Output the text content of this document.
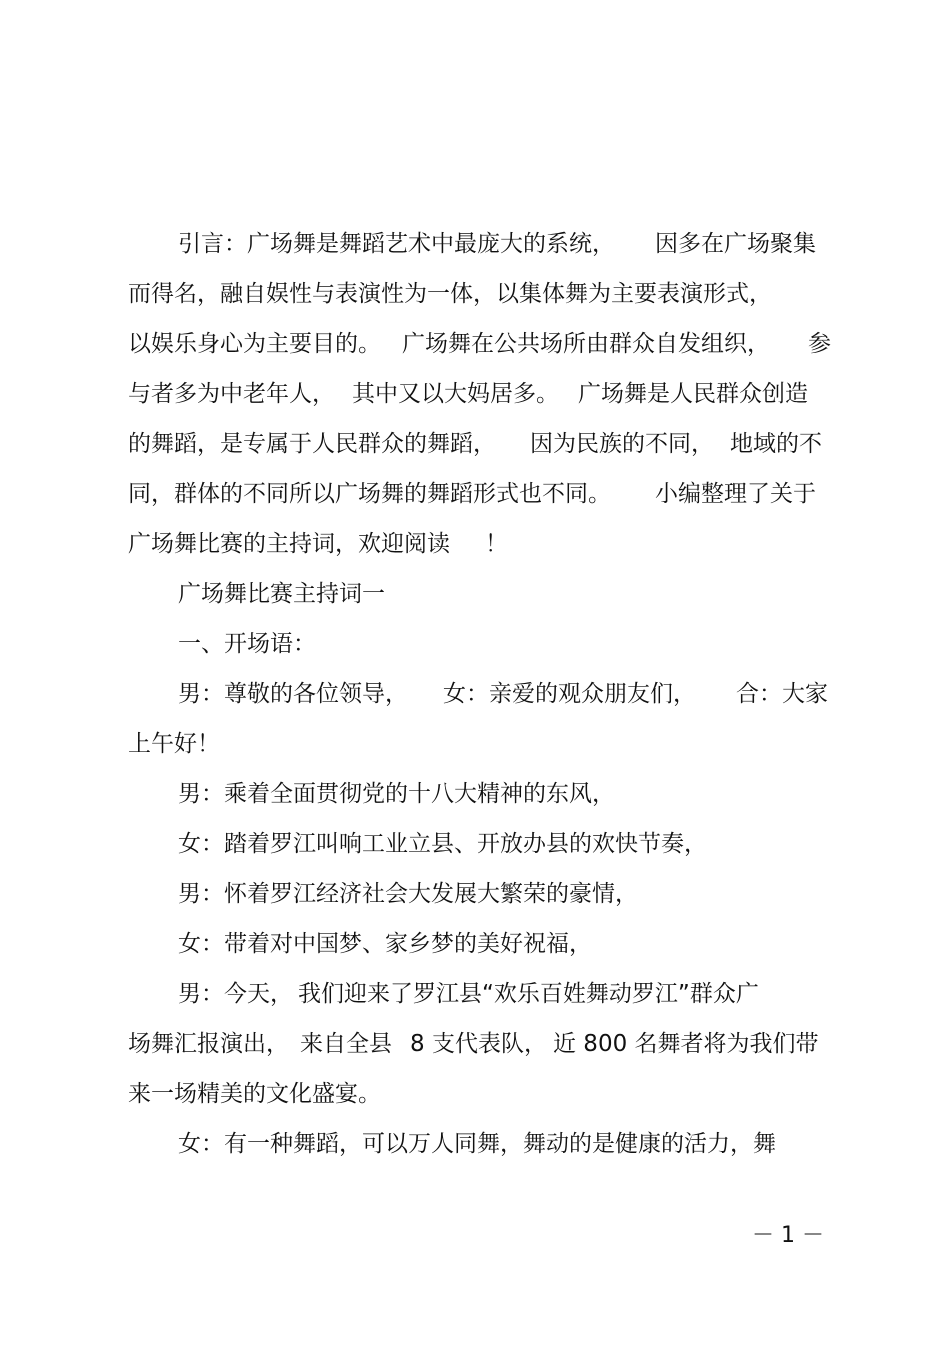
引言：广场舞是舞蹈艺术中最庞大的系统， 因多在广场聚集
而得名，融自娱性与表演性为一体，以集体舞为主要表演形式，
以娱乐身心为主要目的。 广场舞在公共场所由群众自发组织， 参
与者多为中老年人， 其中又以大妈居多。 广场舞是人民群众创造
的舞蹈，是专属于人民群众的舞蹈， 因为民族的不同， 地域的不
同，群体的不同所以广场舞的舞蹈形式也不同。 小编整理了关于
广场舞比赛的主持词，欢迎阅读 ！
广场舞比赛主持词一
一、开场语：
男：尊敬的各位领导， 女：亲爱的观众朋友们， 合：大家
上午好！
男：乘着全面贯彻党的十八大精神的东风，
女：踏着罗江叫响工业立县、开放办县的欢快节奏，
男：怀着罗江经济社会大发展大繁荣的豪情，
女：带着对中国梦、家乡梦的美好祝福，
男：今天， 我们迎来了罗江县“欢乐百姓舞动罗江”群众广
场舞汇报演出， 来自全县 8 支代表队， 近 800 名舞者将为我们带
来一场精美的文化盛宴。
女：有一种舞蹈，可以万人同舞，舞动的是健康的活力，舞
－ 1 －
